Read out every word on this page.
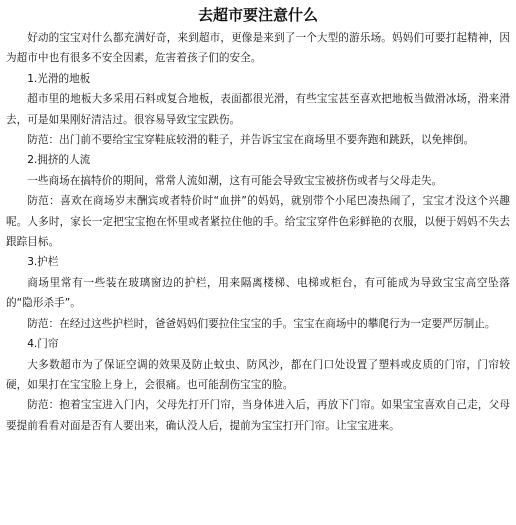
去超市要注意什么

好动的宝宝对什么都充满好奇，来到超市，更像是来到了一个大型的游乐场。妈妈们可要打起精神，因为超市中也有很多不安全因素，危害着孩子们的安全。

1.光滑的地板

超市里的地板大多采用石料或复合地板，表面都很光滑，有些宝宝甚至喜欢把地板当做滑冰场，滑来滑去，可是如果刚好清洁过。很容易导致宝宝跌伤。

防范：出门前不要给宝宝穿鞋底较滑的鞋子，并告诉宝宝在商场里不要奔跑和跳跃，以免摔倒。

2.拥挤的人流

一些商场在搞特价的期间，常常人流如潮，这有可能会导致宝宝被挤伤或者与父母走失。

防范：喜欢在商场岁末酬宾或者特价时“血拼”的妈妈，就别带个小尾巴凑热闹了，宝宝才没这个兴趣呢。人多时，家长一定把宝宝抱在怀里或者紧拉住他的手。给宝宝穿件色彩鲜艳的衣服，以便于妈妈不失去跟踪目标。

3.护栏

商场里常有一些装在玻璃窗边的护栏，用来隔离楼梯、电梯或柜台，有可能成为导致宝宝高空坠落的“隐形杀手”。

防范：在经过这些护栏时，爸爸妈妈们要拉住宝宝的手。宝宝在商场中的攀爬行为一定要严厉制止。

4.门帘

大多数超市为了保证空调的效果及防止蚊虫、防风沙，都在门口处设置了塑料或皮质的门帘，门帘较硬，如果打在宝宝脸上身上，会很痛。也可能刮伤宝宝的脸。

防范：抱着宝宝进入门内，父母先打开门帘，当身体进入后，再放下门帘。如果宝宝喜欢自己走，父母要提前看看对面是否有人要出来，确认没人后，提前为宝宝打开门帘。让宝宝进来。
